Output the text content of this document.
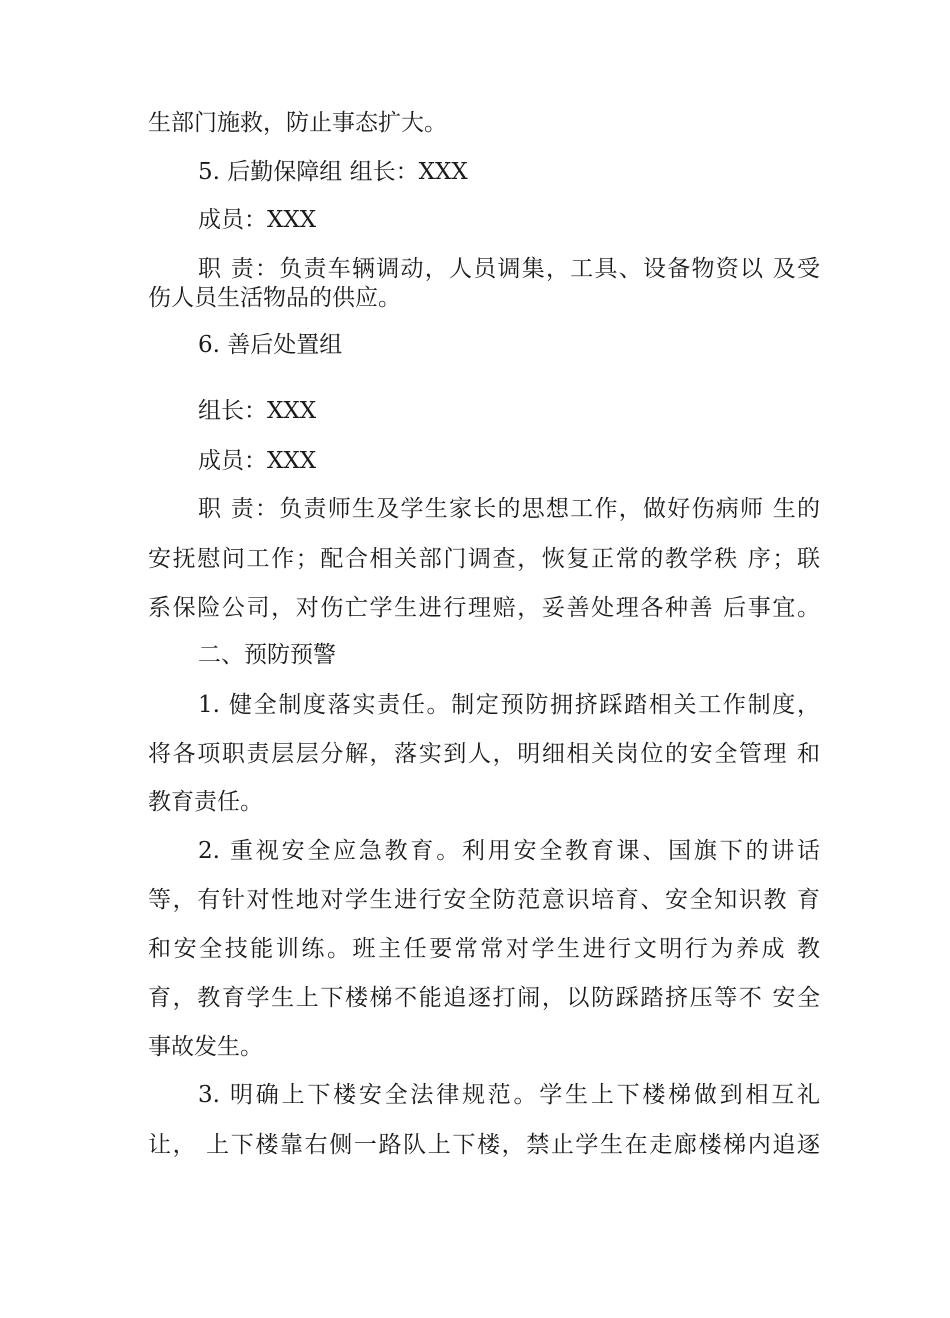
生部门施救，防止事态扩大。
5. 后勤保障组 组长：XXX
成员：XXX
职 责：负责车辆调动，人员调集，工具、设备物资以 及受
伤人员生活物品的供应。
6. 善后处置组
组长：XXX
成员：XXX
职 责：负责师生及学生家长的思想工作，做好伤病师 生的
安抚慰问工作；配合相关部门调查，恢复正常的教学秩 序；联
系保险公司，对伤亡学生进行理赔，妥善处理各种善 后事宜。
二、预防预警
1. 健全制度落实责任。制定预防拥挤踩踏相关工作制度，
将各项职责层层分解，落实到人，明细相关岗位的安全管理 和
教育责任。
2. 重视安全应急教育。利用安全教育课、国旗下的讲话
等，有针对性地对学生进行安全防范意识培育、安全知识教 育
和安全技能训练。班主任要常常对学生进行文明行为养成 教
育，教育学生上下楼梯不能追逐打闹，以防踩踏挤压等不 安全
事故发生。
3. 明确上下楼安全法律规范。学生上下楼梯做到相互礼
让， 上下楼靠右侧一路队上下楼，禁止学生在走廊楼梯内追逐
